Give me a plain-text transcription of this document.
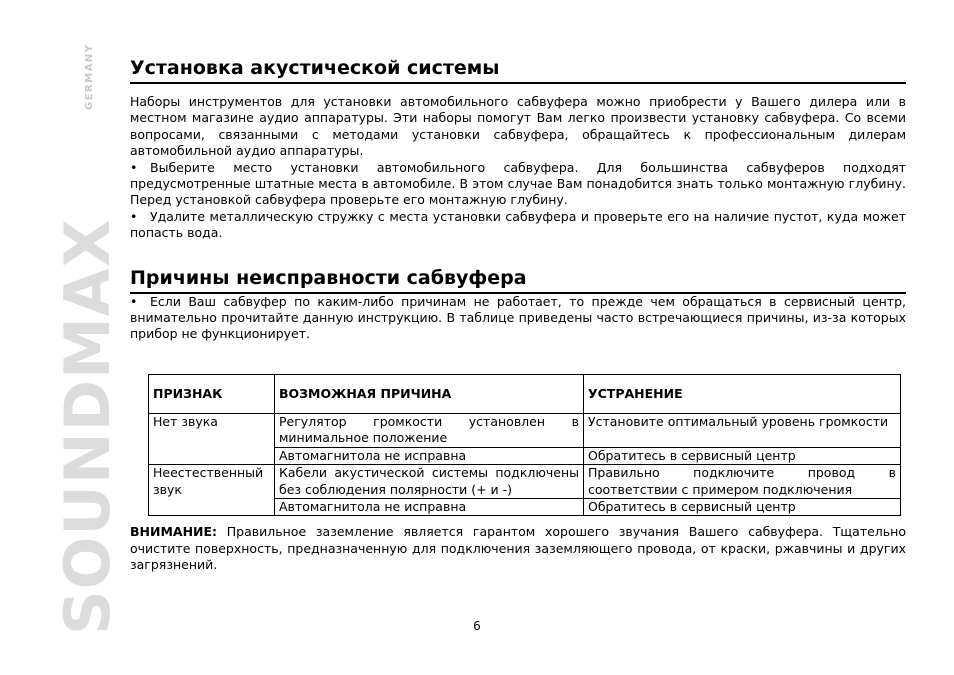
SOUNDMAX
GERMANY Установка акустической системы

Наборы инструментов для установки автомобильного сабвуфера можно приобрести у Вашего дилера или в местном магазине аудио аппаратуры. Эти наборы помогут Вам легко произвести установку сабвуфера. Со всеми вопросами, связанными с методами установки сабвуфера, обращайтесь к профессиональным дилерам автомобильной аудио аппаратуры.

• Выберите место установки автомобильного сабвуфера. Для большинства сабвуферов подходят предусмотренные штатные места в автомобиле. В этом случае Вам понадобится знать только монтажную глубину. Перед установкой сабвуфера проверьте его монтажную глубину.

• Удалите металлическую стружку с места установки сабвуфера и проверьте его на наличие пустот, куда может попасть вода.

Причины неисправности сабвуфера

• Если Ваш сабвуфер по каким-либо причинам не работает, то прежде чем обращаться в сервисный центр, внимательно прочитайте данную инструкцию. В таблице приведены часто встречающиеся причины, из-за которых прибор не функционирует.

ПРИЗНАК	ВОЗМОЖНАЯ ПРИЧИНА	УСТРАНЕНИЕ
Нет звука	Регулятор громкости установлен в минимальное положение	Установите оптимальный уровень громкости
	Автомагнитола не исправна	Обратитесь в сервисный центр
Неестественный звук	Кабели акустической системы подключены без соблюдения полярности (+ и -)	Правильно подключите провод в соответствии с примером подключения
	Автомагнитола не исправна	Обратитесь в сервисный центр

ВНИМАНИЕ: Правильное заземление является гарантом хорошего звучания Вашего сабвуфера. Тщательно очистите поверхность, предназначенную для подключения заземляющего провода, от краски, ржавчины и других загрязнений.

6
